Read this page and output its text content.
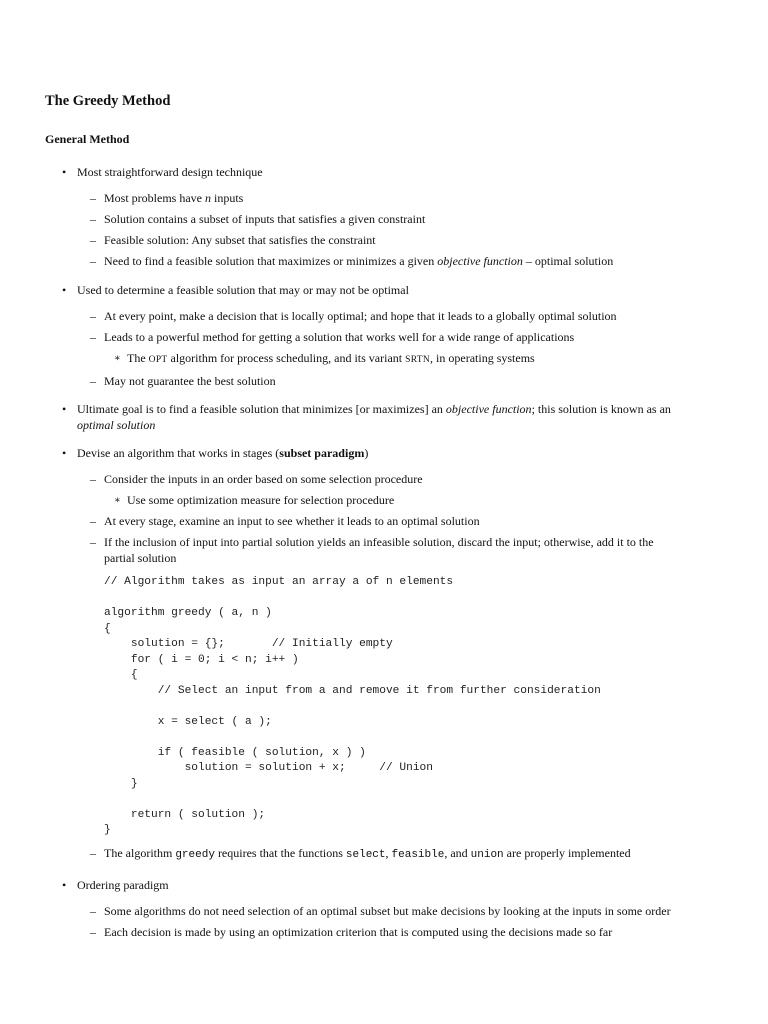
The Greedy Method
General Method
• Most straightforward design technique
– Most problems have n inputs
– Solution contains a subset of inputs that satisfies a given constraint
– Feasible solution: Any subset that satisfies the constraint
– Need to find a feasible solution that maximizes or minimizes a given objective function – optimal solution
• Used to determine a feasible solution that may or may not be optimal
– At every point, make a decision that is locally optimal; and hope that it leads to a globally optimal solution
– Leads to a powerful method for getting a solution that works well for a wide range of applications
∗ The OPT algorithm for process scheduling, and its variant SRTN, in operating systems
– May not guarantee the best solution
• Ultimate goal is to find a feasible solution that minimizes [or maximizes] an objective function; this solution is known as an optimal solution
• Devise an algorithm that works in stages (subset paradigm)
– Consider the inputs in an order based on some selection procedure
∗ Use some optimization measure for selection procedure
– At every stage, examine an input to see whether it leads to an optimal solution
– If the inclusion of input into partial solution yields an infeasible solution, discard the input; otherwise, add it to the partial solution
// Algorithm takes as input an array a of n elements
algorithm greedy ( a, n )
{
solution = {};       // Initially empty
for ( i = 0; i < n; i++ )
{
// Select an input from a and remove it from further consideration
x = select ( a );
if ( feasible ( solution, x ) )
solution = solution + x;     // Union
}
return ( solution );
}
– The algorithm greedy requires that the functions select, feasible, and union are properly implemented
• Ordering paradigm
– Some algorithms do not need selection of an optimal subset but make decisions by looking at the inputs in some order
– Each decision is made by using an optimization criterion that is computed using the decisions made so far
